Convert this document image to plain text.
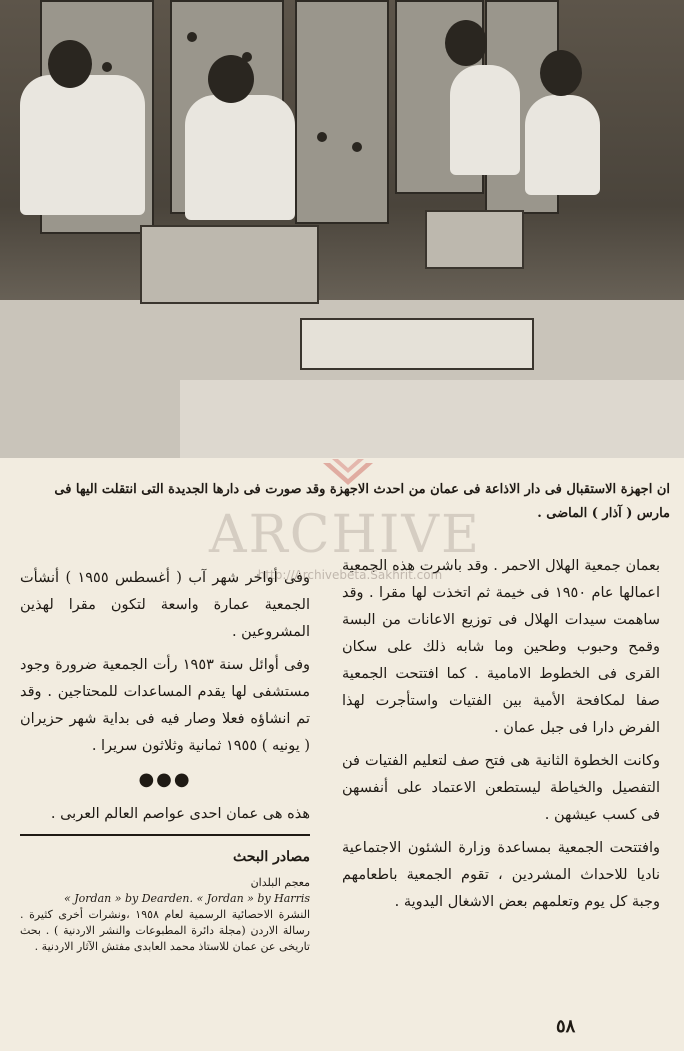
ARCHIVE
http://Archivebeta.Sakhrit.com
ان اجهزة الاستقبال فى دار الاذاعة فى عمان من احدث الاجهزة وقد صورت فى دارها الجديدة التى انتقلت اليها فى مارس ( آذار ) الماضى .

بعمان جمعية الهلال الاحمر . وقد باشرت هذه الجمعية اعمالها عام ١٩٥٠ فى خيمة ثم اتخذت لها مقرا . وقد ساهمت سيدات الهلال فى توزيع الاعانات من البسة وقمح وحبوب وطحين وما شابه ذلك على سكان القرى فى الخطوط الامامية . كما افتتحت الجمعية صفا لمكافحة الأمية بين الفتيات واستأجرت لهذا الفرض دارا فى جبل عمان .

وكانت الخطوة الثانية هى فتح صف لتعليم الفتيات فن التفصيل والخياطة ليستطعن الاعتماد على أنفسهن فى كسب عيشهن .

وافتتحت الجمعية بمساعدة وزارة الشئون الاجتماعية ناديا للاحداث المشردين ، تقوم الجمعية باطعامهم وجبة كل يوم وتعلمهم بعض الاشغال اليدوية .

وفى أواخر شهر آب ( أغسطس ١٩٥٥ ) أنشأت الجمعية عمارة واسعة لتكون مقرا لهذين المشروعين .

وفى أوائل سنة ١٩٥٣ رأت الجمعية ضرورة وجود مستشفى لها يقدم المساعدات للمحتاجين . وقد تم انشاؤه فعلا وصار فيه فى بداية شهر حزيران ( يونيه ) ١٩٥٥ ثمانية وثلاثون سريرا .

●●●

هذه هى عمان احدى عواصم العالم العربى .

مصادر البحث
معجم البلدان
« Jordan » by Dearden. « Jordan » by Harris
النشرة الاحصائية الرسمية لعام ١٩٥٨ ،ونشرات أخرى كثيرة . رسالة الاردن (مجلة دائرة المطبوعات والنشر الاردنية ) . بحث تاريخى عن عمان للاستاذ محمد العابدى مفتش الآثار الاردنية .
٥٨
